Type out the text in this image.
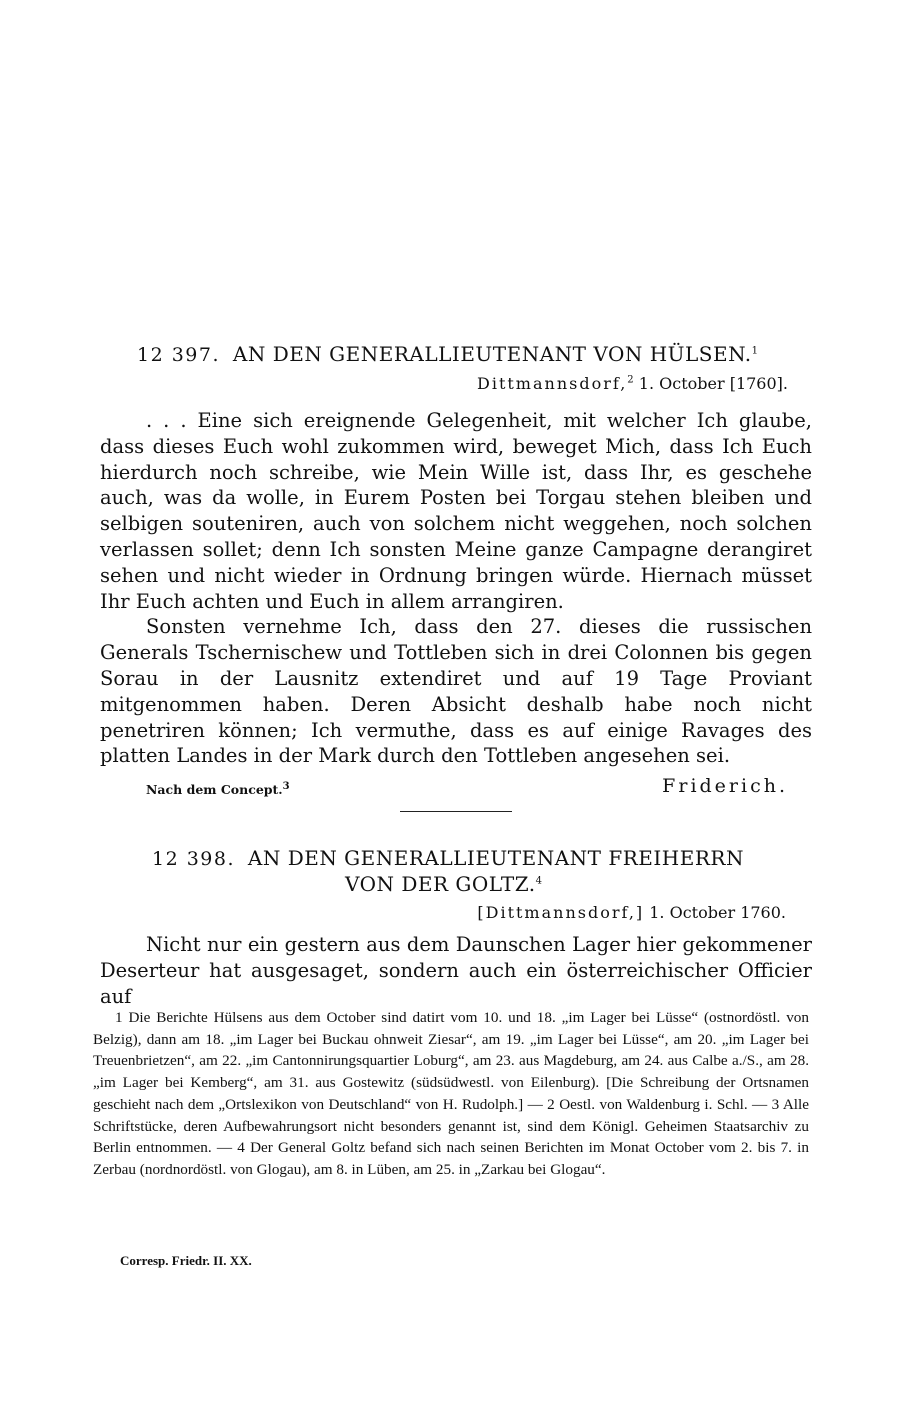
12 397. AN DEN GENERALLIEUTENANT VON HÜLSEN.$^1$
Dittmannsdorf,$^2$ 1. October [1760].

. . . Eine sich ereignende Gelegenheit, mit welcher Ich glaube, dass dieses Euch wohl zukommen wird, beweget Mich, dass Ich Euch hierdurch noch schreibe, wie Mein Wille ist, dass Ihr, es geschehe auch, was da wolle, in Eurem Posten bei Torgau stehen bleiben und selbigen souteniren, auch von solchem nicht weggehen, noch solchen verlassen sollet; denn Ich sonsten Meine ganze Campagne derangiret sehen und nicht wieder in Ordnung bringen würde. Hiernach müsset Ihr Euch achten und Euch in allem arrangiren.

Sonsten vernehme Ich, dass den 27. dieses die russischen Generals Tschernischew und Tottleben sich in drei Colonnen bis gegen Sorau in der Lausnitz extendiret und auf 19 Tage Proviant mitgenommen haben. Deren Absicht deshalb habe noch nicht penetriren können; Ich vermuthe, dass es auf einige Ravages des platten Landes in der Mark durch den Tottleben angesehen sei.

Nach dem Concept.$^3$	Friderich.
12 398. AN DEN GENERALLIEUTENANT FREIHERRN
VON DER GOLTZ.$^4$
[Dittmannsdorf,] 1. October 1760.

Nicht nur ein gestern aus dem Daunschen Lager hier gekommener Deserteur hat ausgesaget, sondern auch ein österreichischer Officier auf

1 Die Berichte Hülsens aus dem October sind datirt vom 10. und 18. „im Lager bei Lüsse“ (ostnordöstl. von Belzig), dann am 18. „im Lager bei Buckau ohnweit Ziesar“, am 19. „im Lager bei Lüsse“, am 20. „im Lager bei Treuenbrietzen“, am 22. „im Cantonnirungsquartier Loburg“, am 23. aus Magdeburg, am 24. aus Calbe a./S., am 28. „im Lager bei Kemberg“, am 31. aus Gostewitz (südsüdwestl. von Eilenburg). [Die Schreibung der Ortsnamen geschieht nach dem „Ortslexikon von Deutschland“ von H. Rudolph.] — 2 Oestl. von Waldenburg i. Schl. — 3 Alle Schriftstücke, deren Aufbewahrungsort nicht besonders genannt ist, sind dem Königl. Geheimen Staatsarchiv zu Berlin entnommen. — 4 Der General Goltz befand sich nach seinen Berichten im Monat October vom 2. bis 7. in Zerbau (nordnordöstl. von Glogau), am 8. in Lüben, am 25. in „Zarkau bei Glogau“.

Corresp. Friedr. II. XX.
